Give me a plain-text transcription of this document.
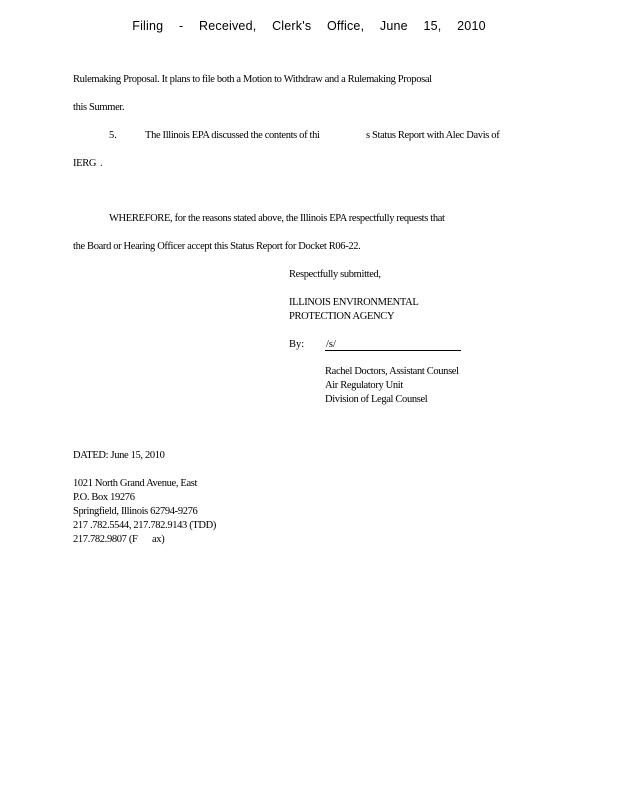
Filing - Received, Clerk's Office, June 15, 2010
Rulemaking Proposal. It plans to file both a Motion to Withdraw and a Rulemaking Proposal
this Summer.
5.	The Illinois EPA discussed the contents of thi	s Status Report with Alec Davis of
IERG .
WHEREFORE, for the reasons stated above, the Illinois EPA respectfully requests that
the Board or Hearing Officer accept this Status Report for Docket R06-22.
Respectfully submitted,
ILLINOIS ENVIRONMENTAL
PROTECTION AGENCY
By: /s/
Rachel Doctors, Assistant Counsel
Air Regulatory Unit
Division of Legal Counsel
DATED: June 15, 2010
1021 North Grand Avenue, East
P.O. Box 19276
Springfield, Illinois 62794-9276
217 .782.5544, 217.782.9143 (TDD)
217.782.9807 (F ax)
